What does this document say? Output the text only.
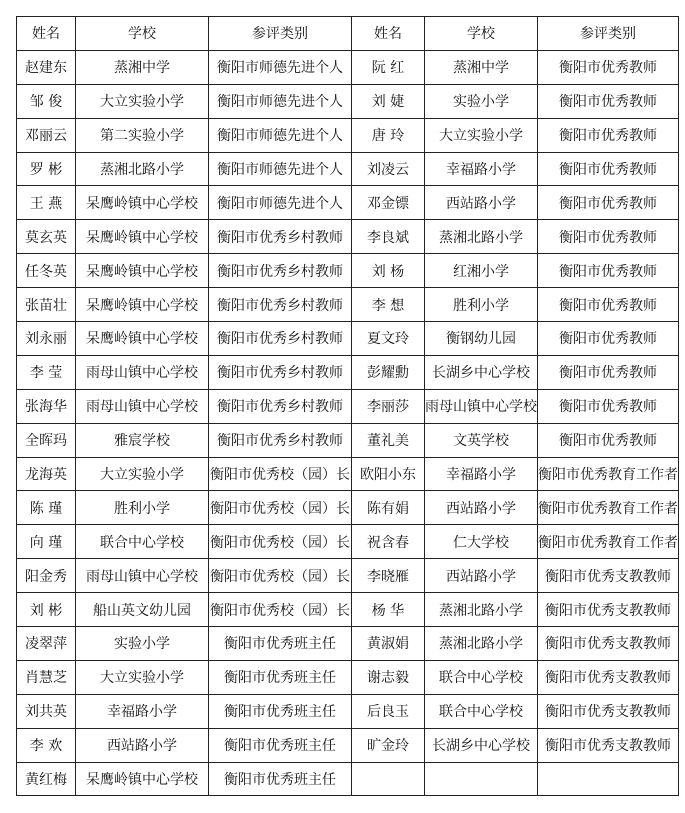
姓名	学校	参评类别	姓名	学校	参评类别
赵建东	蒸湘中学	衡阳市师德先进个人	阮 红	蒸湘中学	衡阳市优秀教师
邹 俊	大立实验小学	衡阳市师德先进个人	刘 婕	实验小学	衡阳市优秀教师
邓丽云	第二实验小学	衡阳市师德先进个人	唐 玲	大立实验小学	衡阳市优秀教师
罗 彬	蒸湘北路小学	衡阳市师德先进个人	刘凌云	幸福路小学	衡阳市优秀教师
王 燕	呆鹰岭镇中心学校	衡阳市师德先进个人	邓金镖	西站路小学	衡阳市优秀教师
莫玄英	呆鹰岭镇中心学校	衡阳市优秀乡村教师	李良斌	蒸湘北路小学	衡阳市优秀教师
任冬英	呆鹰岭镇中心学校	衡阳市优秀乡村教师	刘 杨	红湘小学	衡阳市优秀教师
张苗壮	呆鹰岭镇中心学校	衡阳市优秀乡村教师	李 想	胜利小学	衡阳市优秀教师
刘永丽	呆鹰岭镇中心学校	衡阳市优秀乡村教师	夏文玲	衡钢幼儿园	衡阳市优秀教师
李 莹	雨母山镇中心学校	衡阳市优秀乡村教师	彭耀勳	长湖乡中心学校	衡阳市优秀教师
张海华	雨母山镇中心学校	衡阳市优秀乡村教师	李丽莎	雨母山镇中心学校	衡阳市优秀教师
全晖玛	雅宸学校	衡阳市优秀乡村教师	董礼美	文英学校	衡阳市优秀教师
龙海英	大立实验小学	衡阳市优秀校（园）长	欧阳小东	幸福路小学	衡阳市优秀教育工作者
陈 瑾	胜利小学	衡阳市优秀校（园）长	陈有娟	西站路小学	衡阳市优秀教育工作者
向 瑾	联合中心学校	衡阳市优秀校（园）长	祝含春	仁大学校	衡阳市优秀教育工作者
阳金秀	雨母山镇中心学校	衡阳市优秀校（园）长	李晓雁	西站路小学	衡阳市优秀支教教师
刘 彬	船山英文幼儿园	衡阳市优秀校（园）长	杨 华	蒸湘北路小学	衡阳市优秀支教教师
凌翠萍	实验小学	衡阳市优秀班主任	黄淑娟	蒸湘北路小学	衡阳市优秀支教教师
肖慧芝	大立实验小学	衡阳市优秀班主任	谢志毅	联合中心学校	衡阳市优秀支教教师
刘共英	幸福路小学	衡阳市优秀班主任	后良玉	联合中心学校	衡阳市优秀支教教师
李 欢	西站路小学	衡阳市优秀班主任	旷金玲	长湖乡中心学校	衡阳市优秀支教教师
黄红梅	呆鹰岭镇中心学校	衡阳市优秀班主任			
